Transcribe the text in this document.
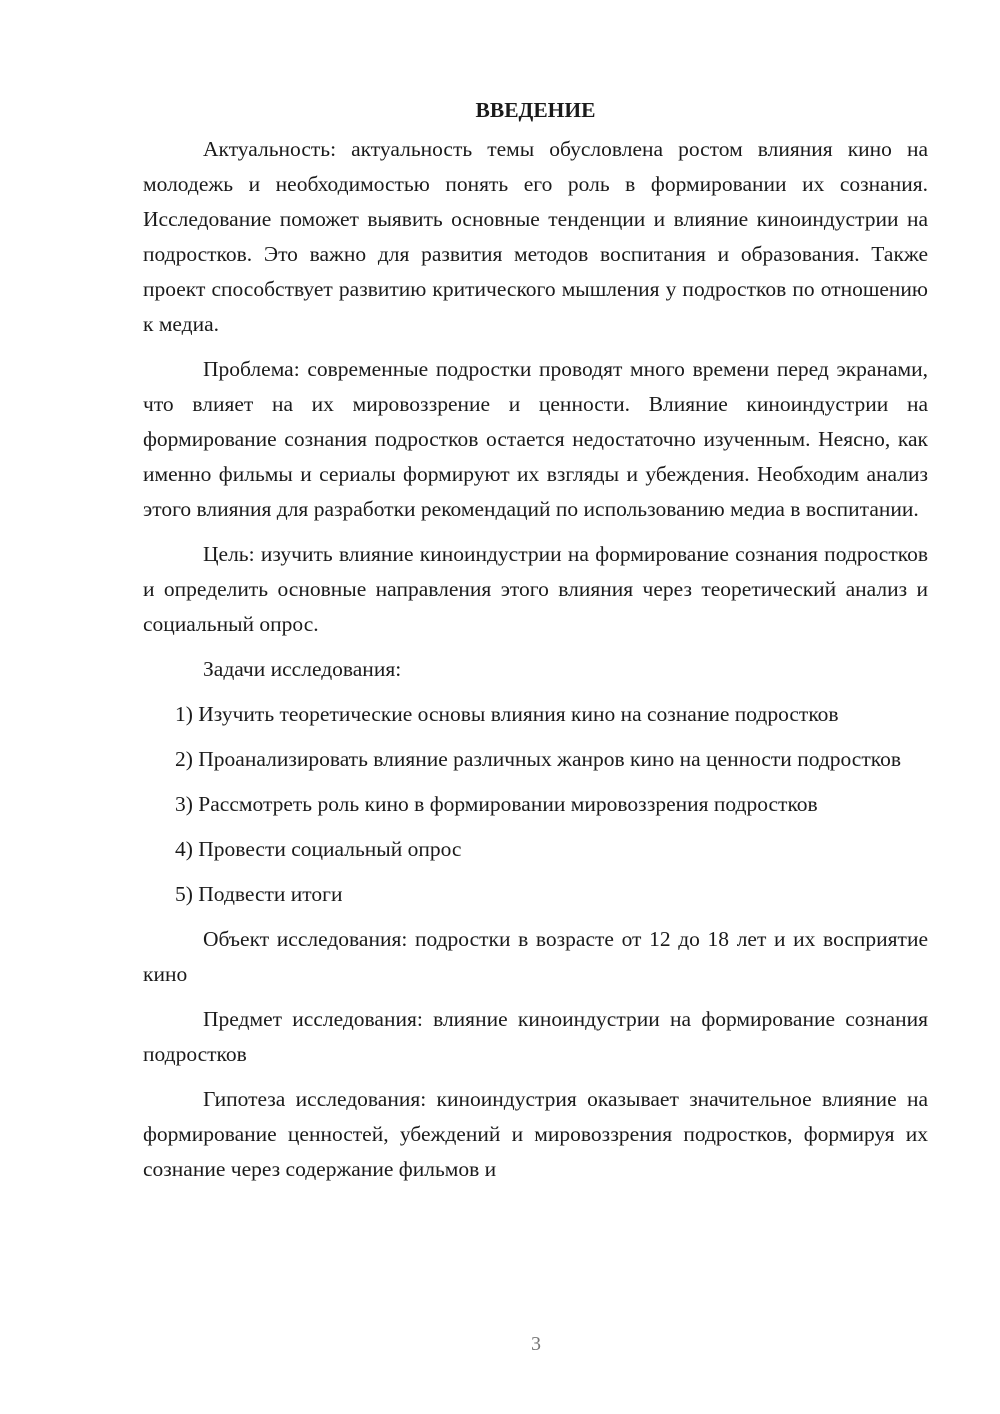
ВВЕДЕНИЕ

Актуальность: актуальность темы обусловлена ростом влияния кино на молодежь и необходимостью понять его роль в формировании их сознания. Исследование поможет выявить основные тенденции и влияние киноиндустрии на подростков. Это важно для развития методов воспитания и образования. Также проект способствует развитию критического мышления у подростков по отношению к медиа.

Проблема: современные подростки проводят много времени перед экранами, что влияет на их мировоззрение и ценности. Влияние киноиндустрии на формирование сознания подростков остается недостаточно изученным. Неясно, как именно фильмы и сериалы формируют их взгляды и убеждения. Необходим анализ этого влияния для разработки рекомендаций по использованию медиа в воспитании.

Цель: изучить влияние киноиндустрии на формирование сознания подростков и определить основные направления этого влияния через теоретический анализ и социальный опрос.

Задачи исследования:

1) Изучить теоретические основы влияния кино на сознание подростков

2) Проанализировать влияние различных жанров кино на ценности подростков

3) Рассмотреть роль кино в формировании мировоззрения подростков

4) Провести социальный опрос

5) Подвести итоги

Объект исследования: подростки в возрасте от 12 до 18 лет и их восприятие кино

Предмет исследования: влияние киноиндустрии на формирование сознания подростков

Гипотеза исследования: киноиндустрия оказывает значительное влияние на формирование ценностей, убеждений и мировоззрения подростков, формируя их сознание через содержание фильмов и

3
